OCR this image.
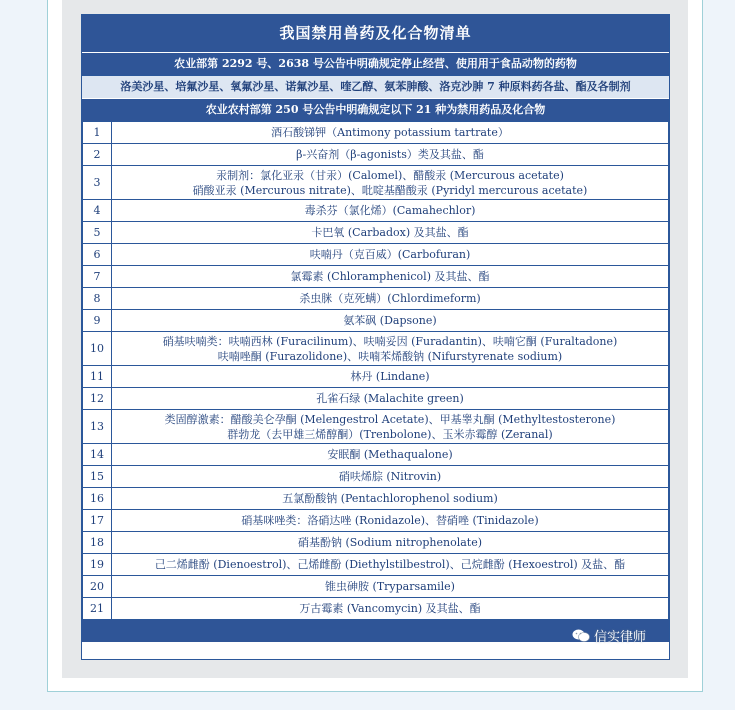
我国禁用兽药及化合物清单
农业部第 2292 号、2638 号公告中明确规定停止经营、使用用于食品动物的药物
洛美沙星、培氟沙星、氧氟沙星、诺氟沙星、喹乙醇、氨苯胂酸、洛克沙胂 7 种原料药各盐、酯及各制剂
农业农村部第 250 号公告中明确规定以下 21 种为禁用药品及化合物
1	酒石酸锑钾（Antimony potassium tartrate）

2	β-兴奋剂（β-agonists）类及其盐、酯

3	汞制剂：氯化亚汞（甘汞）(Calomel)、醋酸汞 (Mercurous acetate)
硝酸亚汞 (Mercurous nitrate)、吡啶基醋酸汞 (Pyridyl mercurous acetate)

4	毒杀芬（氯化烯）(Camahechlor)

5	卡巴氧 (Carbadox) 及其盐、酯

6	呋喃丹（克百威）(Carbofuran)

7	氯霉素 (Chloramphenicol) 及其盐、酯

8	杀虫脒（克死螨）(Chlordimeform)

9	氨苯砜 (Dapsone)

10	硝基呋喃类：呋喃西林 (Furacilinum)、呋喃妥因 (Furadantin)、呋喃它酮 (Furaltadone)
呋喃唑酮 (Furazolidone)、呋喃苯烯酸钠 (Nifurstyrenate sodium)

11	林丹 (Lindane)

12	孔雀石绿 (Malachite green)

13	类固醇激素：醋酸美仑孕酮 (Melengestrol Acetate)、甲基睾丸酮 (Methyltestosterone)
群勃龙（去甲雄三烯醇酮）(Trenbolone)、玉米赤霉醇 (Zeranal)

14	安眠酮 (Methaqualone)

15	硝呋烯腙 (Nitrovin)

16	五氯酚酸钠 (Pentachlorophenol sodium)

17	硝基咪唑类：洛硝达唑 (Ronidazole)、替硝唑 (Tinidazole)

18	硝基酚钠 (Sodium nitrophenolate)

19	己二烯雌酚 (Dienoestrol)、己烯雌酚 (Diethylstilbestrol)、己烷雌酚 (Hexoestrol) 及盐、酯

20	锥虫砷胺 (Tryparsamile)

21	万古霉素 (Vancomycin) 及其盐、酯
信实律师
